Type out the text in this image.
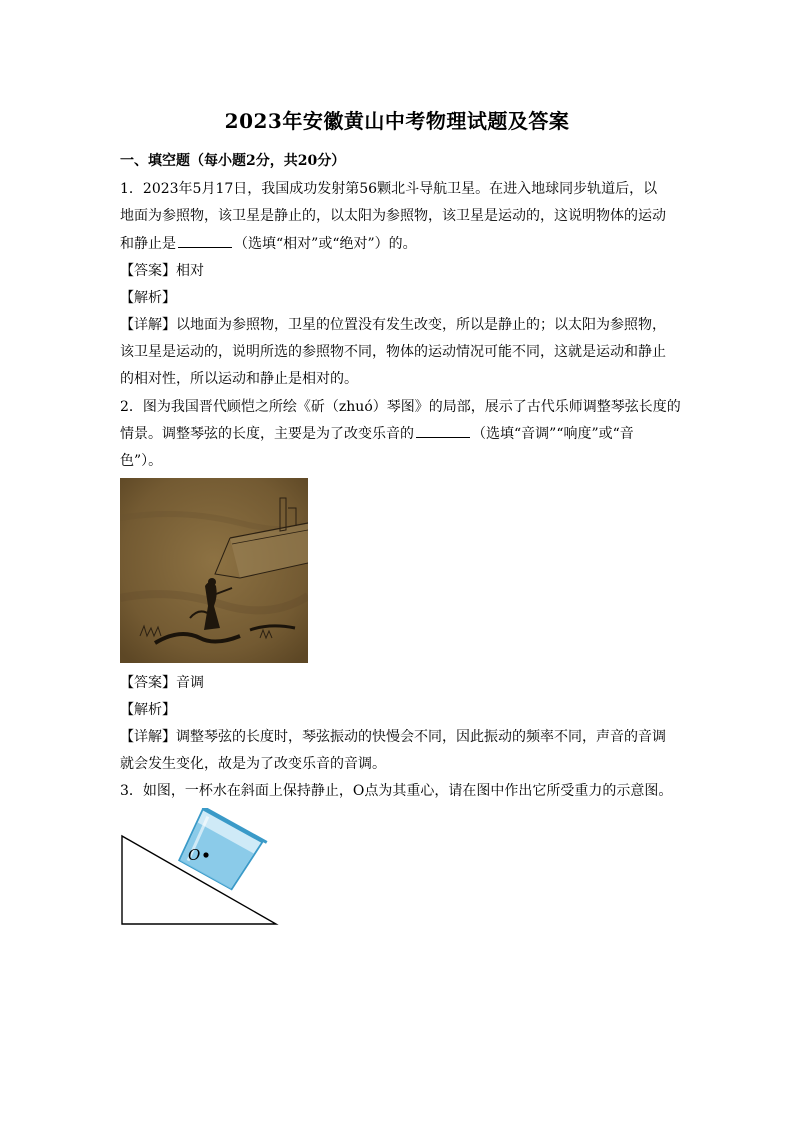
2023年安徽黄山中考物理试题及答案
一、填空题（每小题2分，共20分）
1．2023年5月17日，我国成功发射第56颗北斗导航卫星。在进入地球同步轨道后，以
地面为参照物，该卫星是静止的，以太阳为参照物，该卫星是运动的，这说明物体的运动
和静止是	（选填“相对”或“绝对”）的。
【答案】相对
【解析】
【详解】以地面为参照物，卫星的位置没有发生改变，所以是静止的；以太阳为参照物，
该卫星是运动的，说明所选的参照物不同，物体的运动情况可能不同，这就是运动和静止
的相对性，所以运动和静止是相对的。
2．图为我国晋代顾恺之所绘《斫（zhuó）琴图》的局部，展示了古代乐师调整琴弦长度的
情景。调整琴弦的长度，主要是为了改变乐音的	（选填“音调”“响度”或“音
色”）。
【答案】音调
【解析】
【详解】调整琴弦的长度时，琴弦振动的快慢会不同，因此振动的频率不同，声音的音调
就会发生变化，故是为了改变乐音的音调。
3．如图，一杯水在斜面上保持静止，O点为其重心，请在图中作出它所受重力的示意图。
O
